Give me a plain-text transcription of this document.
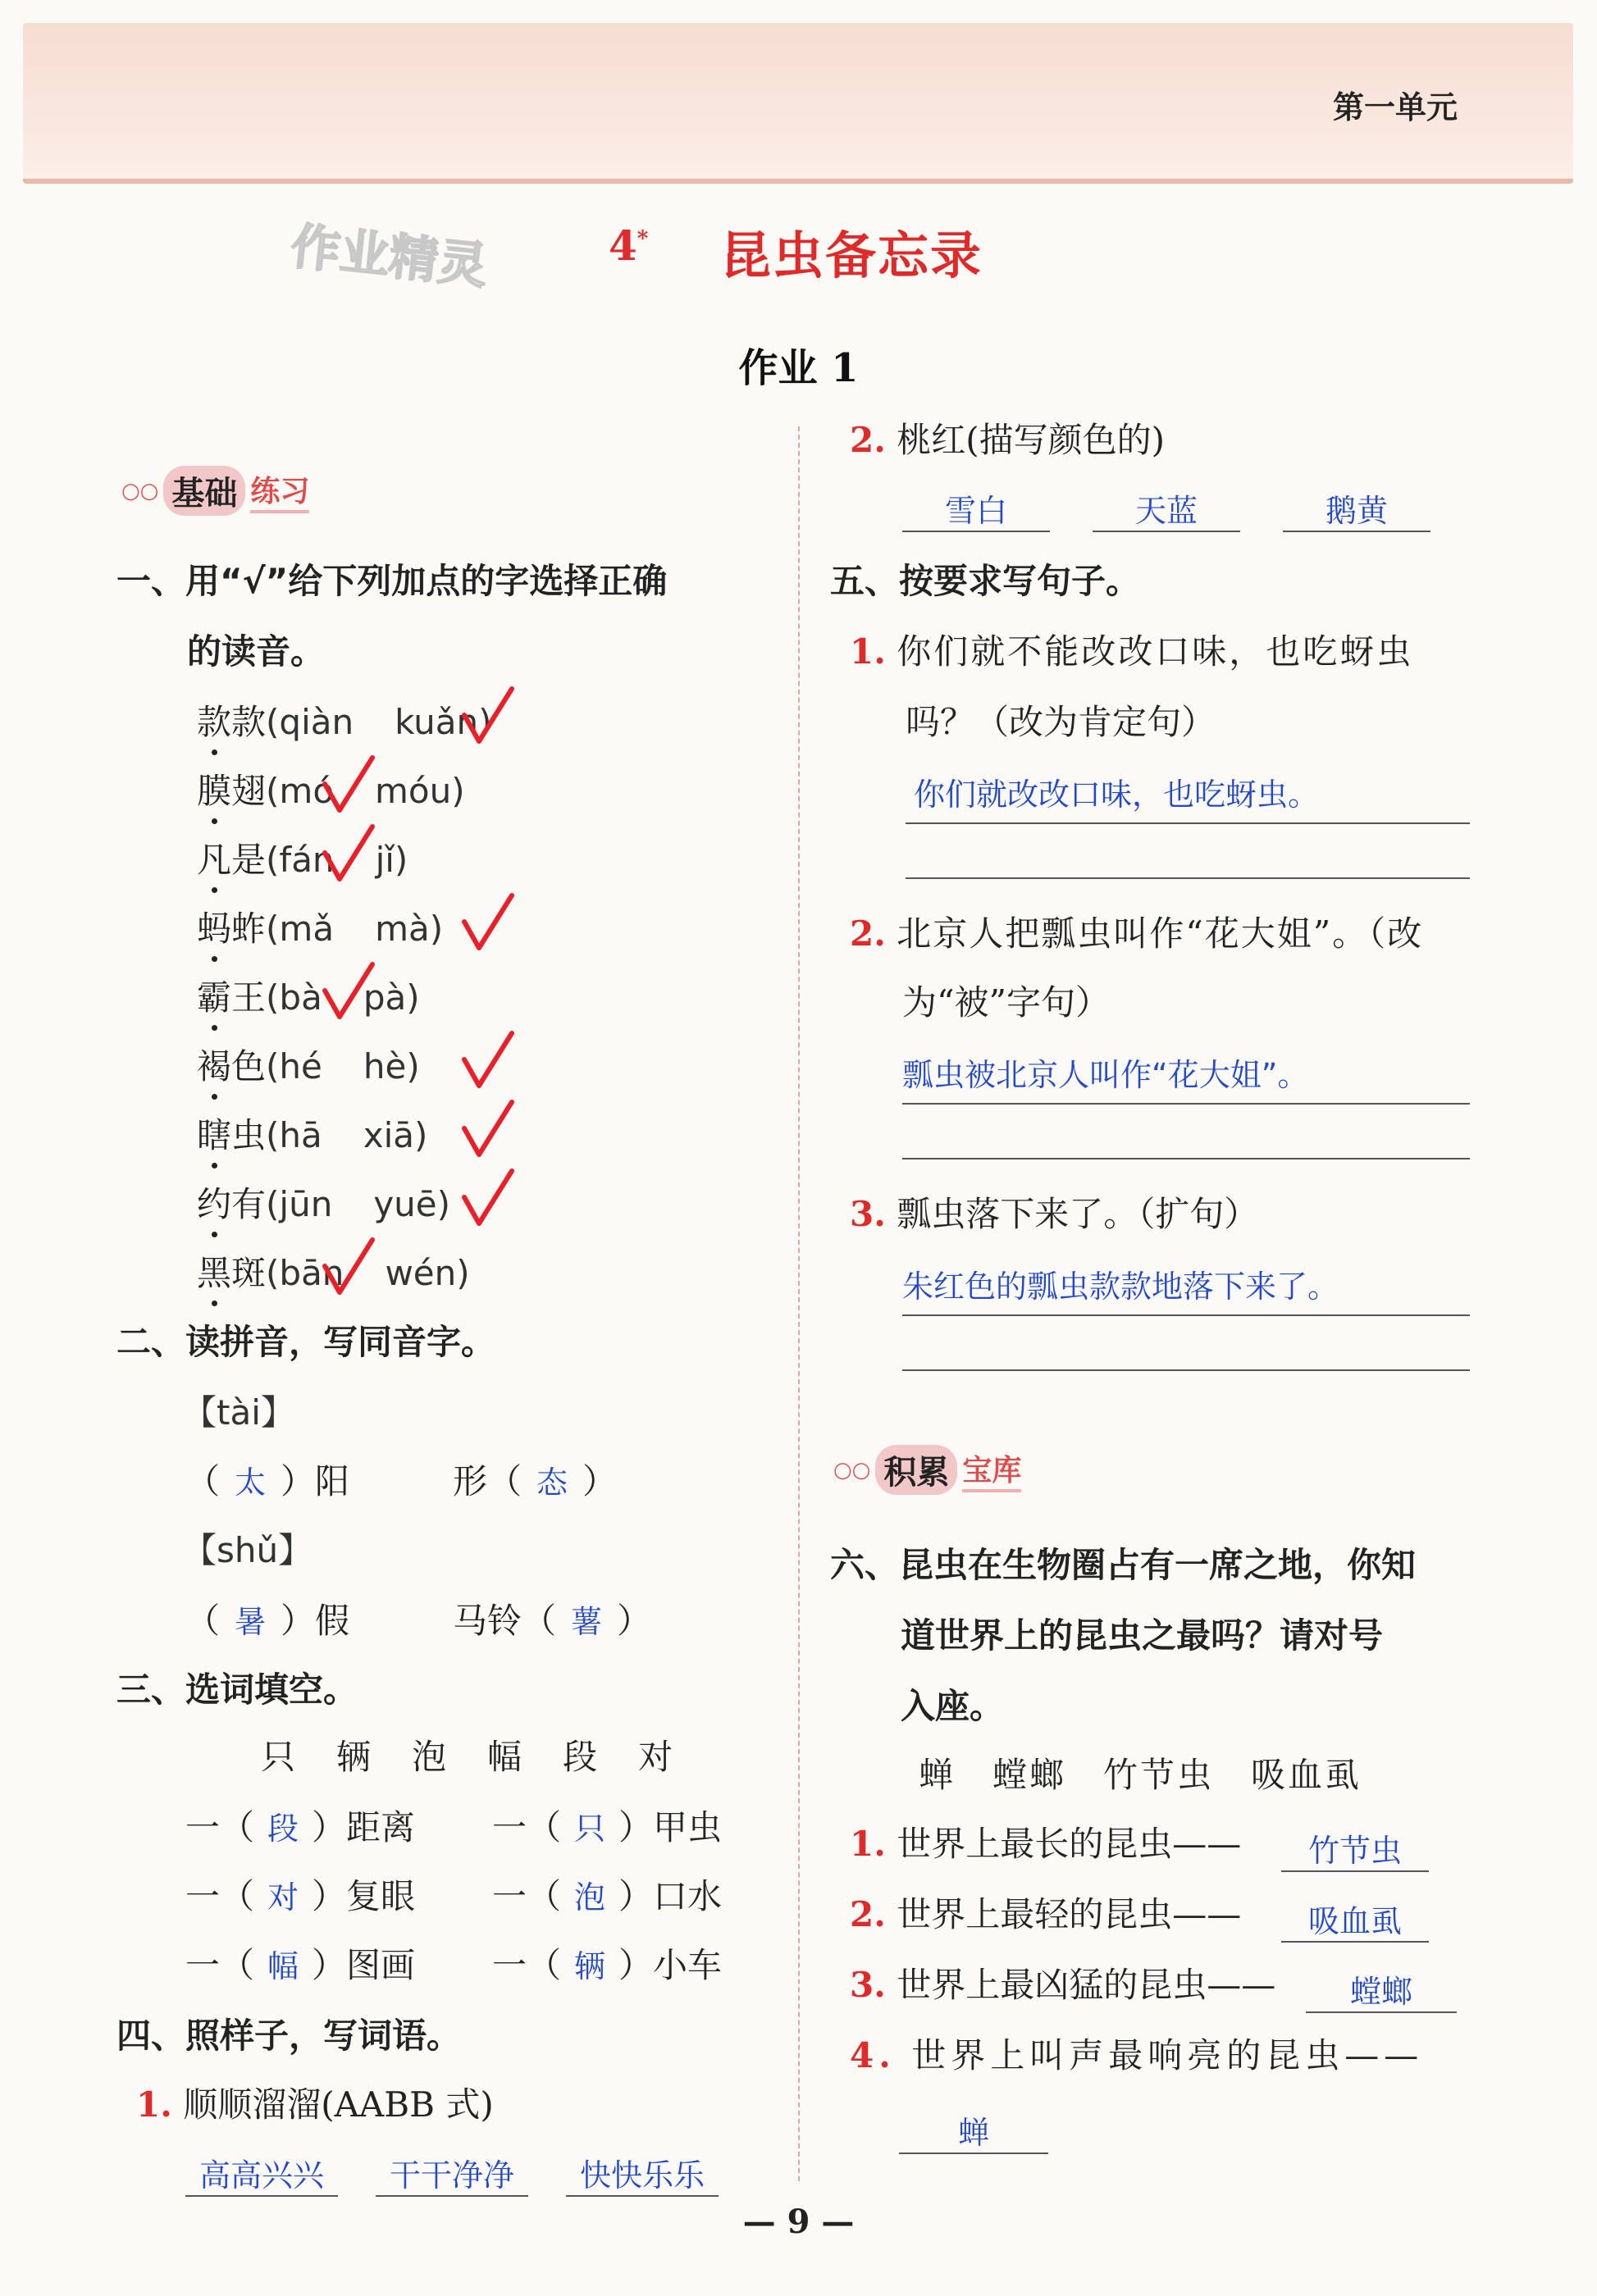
第一单元
作业精灵	4* 昆虫备忘录
作业 1
○○ 基础 练习
一、用“√”给下列加点的字选择正确
的读音。
款款(qiàn kuǎn)
膜翅(mó móu)
凡是(fán jǐ)
蚂蚱(mǎ mà)
霸王(bà pà)
褐色(hé hè)
瞎虫(hā xiā)
约有(jūn yuē)
黑斑(bān wén)
二、读拼音，写同音字。
【tài】
（ 太 ）阳	形（ 态 ）
【shǔ】
（ 暑 ）假	马铃（ 薯 ）
三、选词填空。
只 辆 泡 幅 段 对
一（ 段 ）距离 一（ 只 ）甲虫
一（ 对 ）复眼 一（ 泡 ）口水
一（ 幅 ）图画 一（ 辆 ）小车
四、照样子，写词语。
1. 顺顺溜溜(AABB 式)
高高兴兴	干干净净	快快乐乐
2. 桃红(描写颜色的)
雪白	天蓝	鹅黄
五、按要求写句子。
1. 你们就不能改改口味，也吃蚜虫
吗？（改为肯定句）
你们就改改口味，也吃蚜虫。
2. 北京人把瓢虫叫作“花大姐”。（改
为“被”字句）
瓢虫被北京人叫作“花大姐”。
3. 瓢虫落下来了。（扩句）
朱红色的瓢虫款款地落下来了。
○○ 积累 宝库
六、昆虫在生物圈占有一席之地，你知
道世界上的昆虫之最吗？请对号
入座。
蝉　螳螂　竹节虫　吸血虱
1. 世界上最长的昆虫——	竹节虫
2. 世界上最轻的昆虫——	吸血虱
3. 世界上最凶猛的昆虫——	螳螂
4. 世界上叫声最响亮的昆虫——
蝉
— 9 —
